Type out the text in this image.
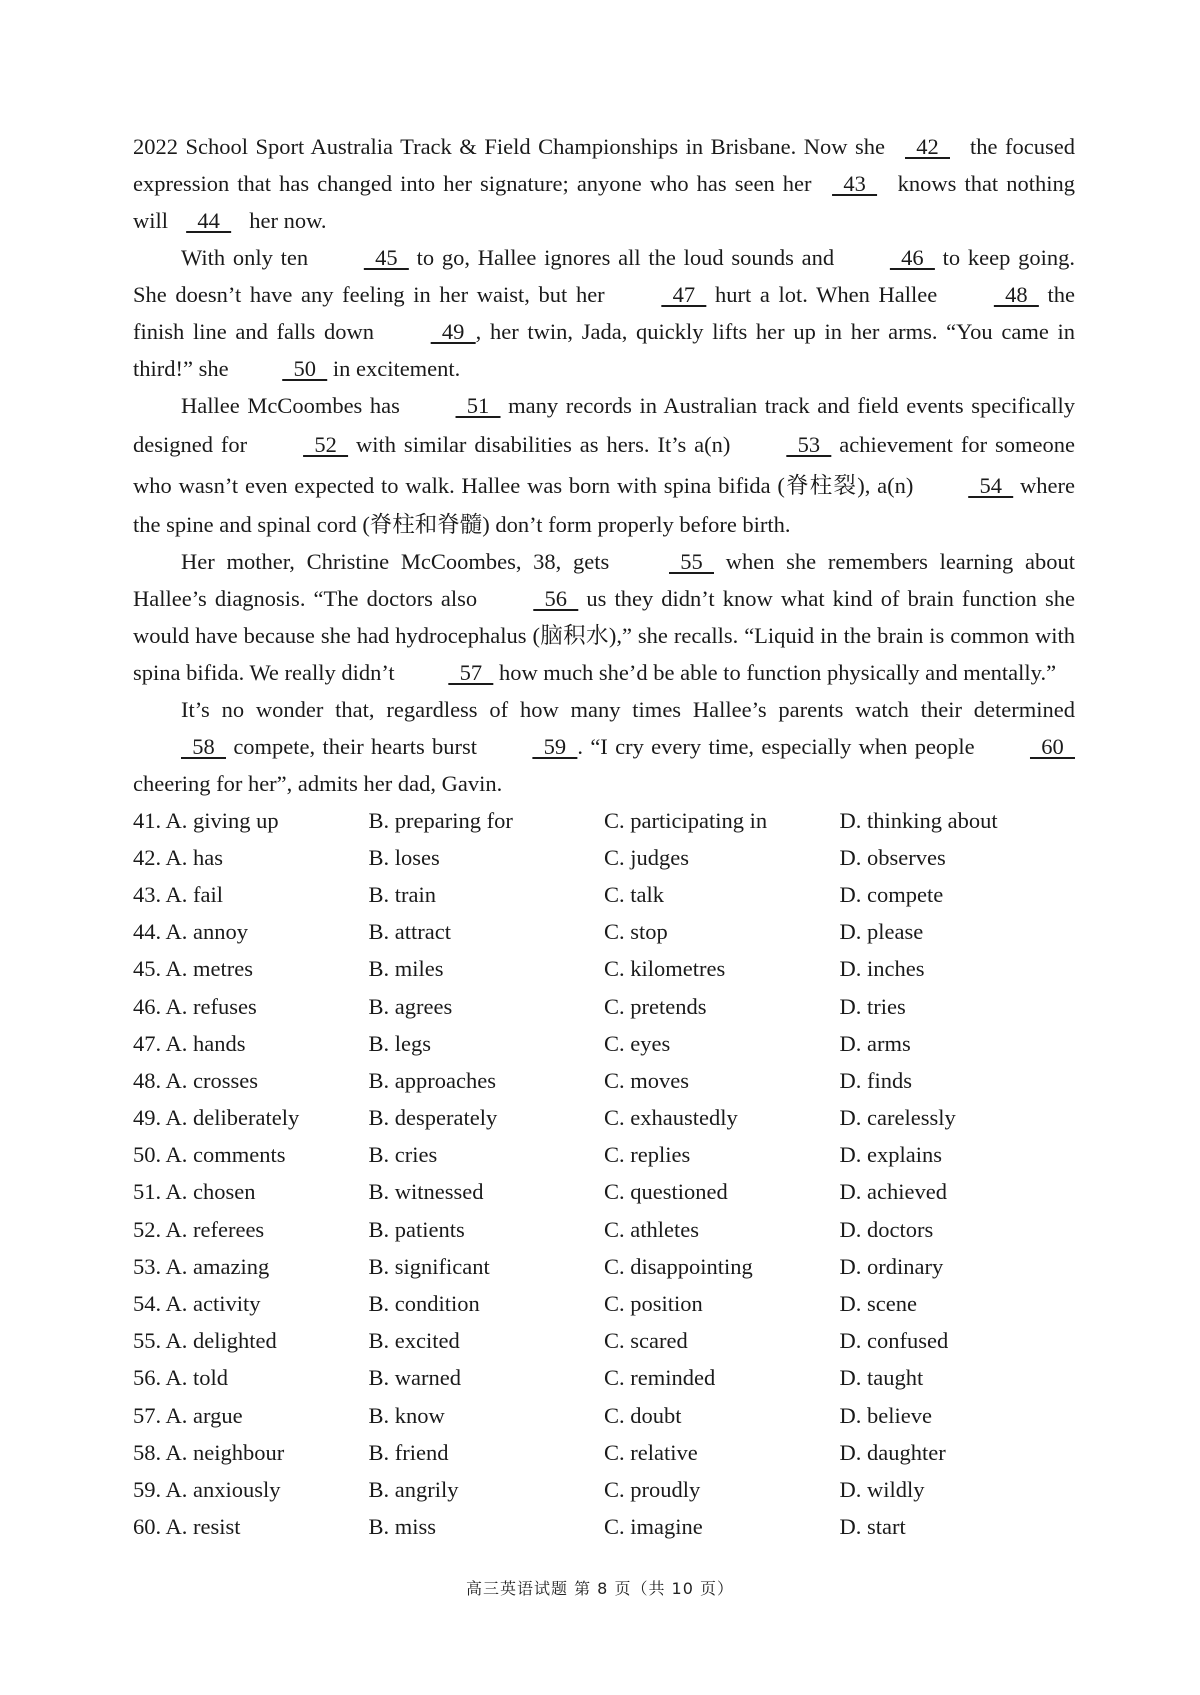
2022 School Sport Australia Track & Field Championships in Brisbane. Now she   42   the focused expression that has changed into her signature; anyone who has seen her   43   knows that nothing will   44   her now.

With only ten   45   to go, Hallee ignores all the loud sounds and   46   to keep going. She doesn’t have any feeling in her waist, but her   47   hurt a lot. When Hallee   48   the finish line and falls down   49  , her twin, Jada, quickly lifts her up in her arms. “You came in third!” she   50   in excitement.

Hallee McCoombes has   51   many records in Australian track and field events specifically designed for   52   with similar disabilities as hers. It’s a(n)   53   achievement for someone who wasn’t even expected to walk. Hallee was born with spina bifida (脊柱裂), a(n)   54   where the spine and spinal cord (脊柱和脊髓) don’t form properly before birth.

Her mother, Christine McCoombes, 38, gets   55   when she remembers learning about Hallee’s diagnosis. “The doctors also   56   us they didn’t know what kind of brain function she would have because she had hydrocephalus (脑积水),” she recalls. “Liquid in the brain is common with spina bifida. We really didn’t   57   how much she’d be able to function physically and mentally.”

It’s no wonder that, regardless of how many times Hallee’s parents watch their determined   58   compete, their hearts burst   59  . “I cry every time, especially when people   60   cheering for her”, admits her dad, Gavin.

41. A. giving up	B. preparing for	C. participating in	D. thinking about
42. A. has	B. loses	C. judges	D. observes
43. A. fail	B. train	C. talk	D. compete
44. A. annoy	B. attract	C. stop	D. please
45. A. metres	B. miles	C. kilometres	D. inches
46. A. refuses	B. agrees	C. pretends	D. tries
47. A. hands	B. legs	C. eyes	D. arms
48. A. crosses	B. approaches	C. moves	D. finds
49. A. deliberately	B. desperately	C. exhaustedly	D. carelessly
50. A. comments	B. cries	C. replies	D. explains
51. A. chosen	B. witnessed	C. questioned	D. achieved
52. A. referees	B. patients	C. athletes	D. doctors
53. A. amazing	B. significant	C. disappointing	D. ordinary
54. A. activity	B. condition	C. position	D. scene
55. A. delighted	B. excited	C. scared	D. confused
56. A. told	B. warned	C. reminded	D. taught
57. A. argue	B. know	C. doubt	D. believe
58. A. neighbour	B. friend	C. relative	D. daughter
59. A. anxiously	B. angrily	C. proudly	D. wildly
60. A. resist	B. miss	C. imagine	D. start
高三英语试题 第 8 页（共 10 页）
